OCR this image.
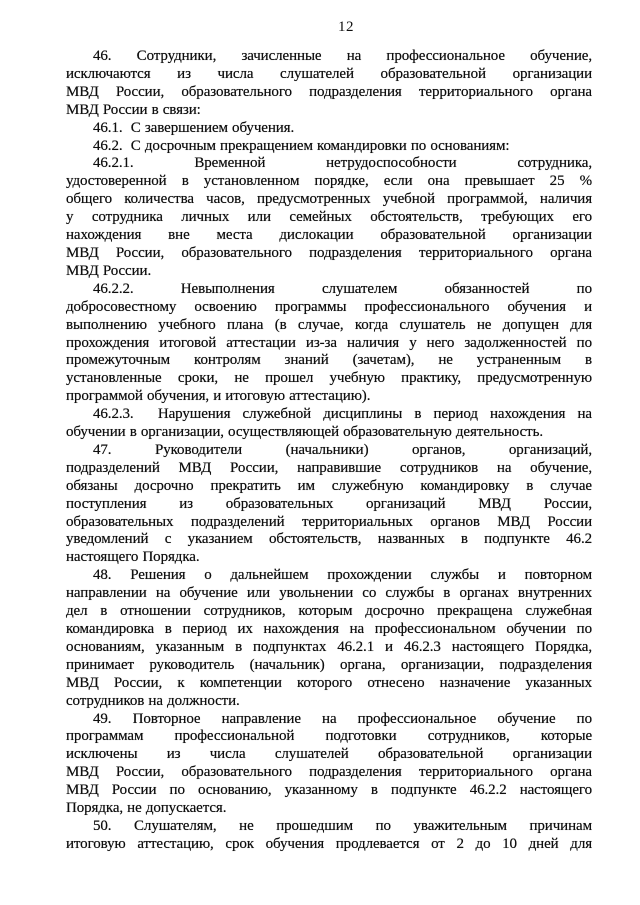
12
46. Сотрудники, зачисленные на профессиональное обучение,
исключаются из числа слушателей образовательной организации
МВД России, образовательного подразделения территориального органа
МВД России в связи:
46.1.  С завершением обучения.
46.2.  С досрочным прекращением командировки по основаниям:
46.2.1. Временной нетрудоспособности сотрудника,
удостоверенной в установленном порядке, если она превышает 25 %
общего количества часов, предусмотренных учебной программой, наличия
у сотрудника личных или семейных обстоятельств, требующих его
нахождения вне места дислокации образовательной организации
МВД России, образовательного подразделения территориального органа
МВД России.
46.2.2. Невыполнения слушателем обязанностей по
добросовестному освоению программы профессионального обучения и
выполнению учебного плана (в случае, когда слушатель не допущен для
прохождения итоговой аттестации из-за наличия у него задолженностей по
промежуточным контролям знаний (зачетам), не устраненным в
установленные сроки, не прошел учебную практику, предусмотренную
программой обучения, и итоговую аттестацию).
46.2.3.  Нарушения служебной дисциплины в период нахождения на
обучении в организации, осуществляющей образовательную деятельность.
47. Руководители (начальники) органов, организаций,
подразделений МВД России, направившие сотрудников на обучение,
обязаны досрочно прекратить им служебную командировку в случае
поступления из образовательных организаций МВД России,
образовательных подразделений территориальных органов МВД России
уведомлений с указанием обстоятельств, названных в подпункте 46.2
настоящего Порядка.
48. Решения о дальнейшем прохождении службы и повторном
направлении на обучение или увольнении со службы в органах внутренних
дел в отношении сотрудников, которым досрочно прекращена служебная
командировка в период их нахождения на профессиональном обучении по
основаниям, указанным в подпунктах 46.2.1 и 46.2.3 настоящего Порядка,
принимает руководитель (начальник) органа, организации, подразделения
МВД России, к компетенции которого отнесено назначение указанных
сотрудников на должности.
49. Повторное направление на профессиональное обучение по
программам профессиональной подготовки сотрудников, которые
исключены из числа слушателей образовательной организации
МВД России, образовательного подразделения территориального органа
МВД России по основанию, указанному в подпункте 46.2.2 настоящего
Порядка, не допускается.
50. Слушателям, не прошедшим по уважительным причинам
итоговую аттестацию, срок обучения продлевается от 2 до 10 дней для
